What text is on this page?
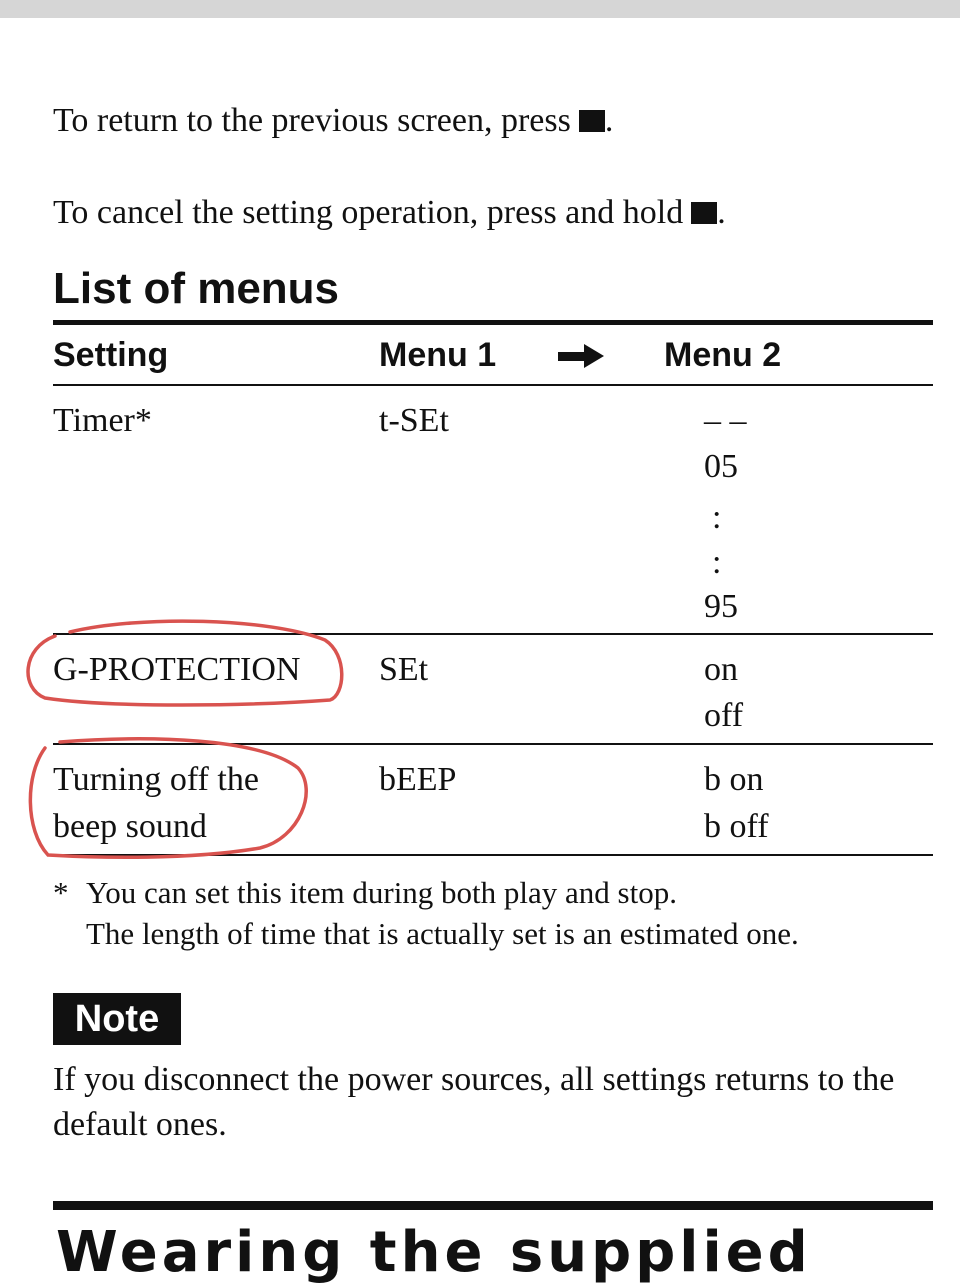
To return to the previous screen, press .
To cancel the setting operation, press and hold .
List of menus
Setting	Menu 1	Menu 2
Timer*	t-SEt	– –
05
:
:
95
G-PROTECTION SEt	on
off
Turning off the
beep sound
bEEP	b on
b off
* You can set this item during both play and stop.
The length of time that is actually set is an estimated one.
Note
If you disconnect the power sources, all settings returns to the default ones.
Wearing the supplied
